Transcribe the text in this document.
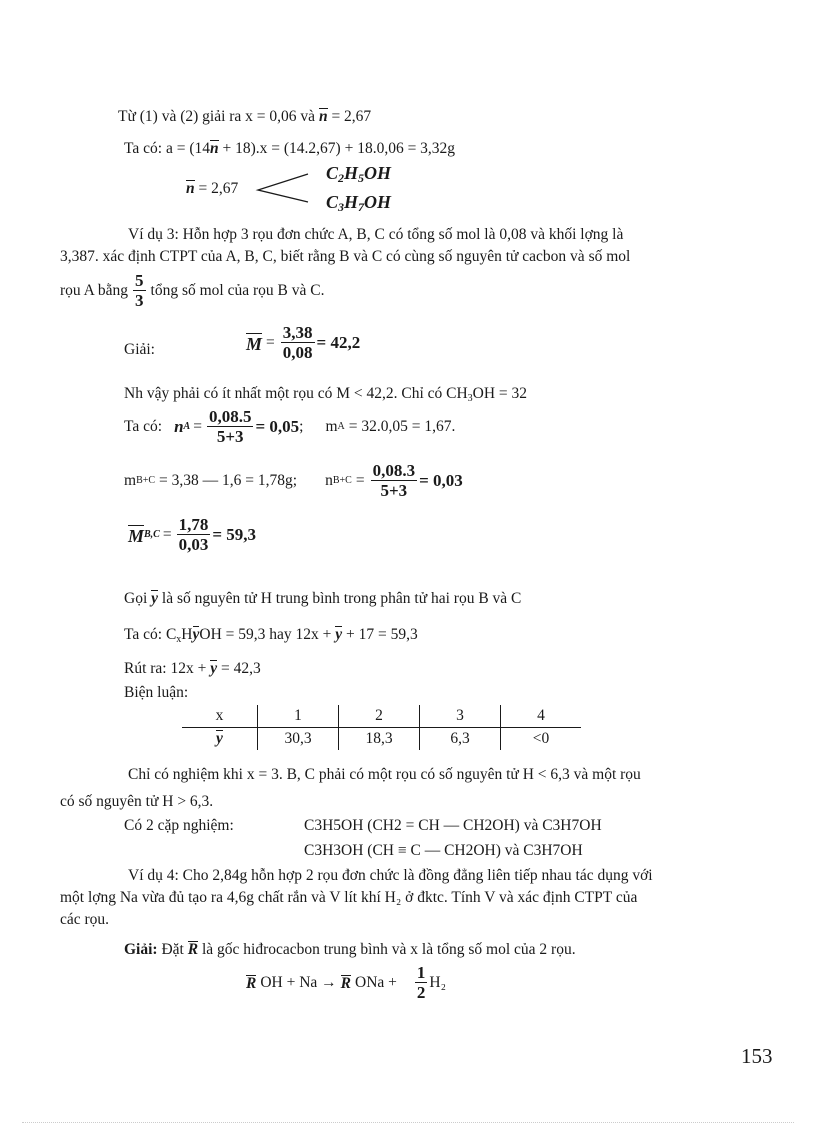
Từ (1) và (2) giải ra x = 0,06 và n = 2,67
Ta có: a = (14n + 18).x = (14.2,67) + 18.0,06 = 3,32g
n = 2,67
$C_2H_5OH$
$C_3H_7OH$
Ví dụ 3: Hỗn hợp 3 rọu đơn chức A, B, C có tổng số mol là 0,08 và khối lợng là
3,387. xác định CTPT của A, B, C, biết rằng B và C có cùng số nguyên tử cacbon và số mol
rọu A bằng $\frac{5}{3}$ tổng số mol của rọu B và C.
Giải:	$M = \frac{3,38}{0,08} = 42,2$
Nh vậy phải có ít nhất một rọu có M < 42,2. Chỉ có $CH_3OH = 32$
Ta có: n $A = \frac{0,08.5}{5+3} = 0,05$ ; m A = 32.0,05 = 1,67.
m B+C = 3,38 — 1,6 = 1,78g; n $B+C = \frac{0,08.3}{5+3} = 0,03$
M $B,C = \frac{1,78}{0,03} = 59,3$
Gọi y là số nguyên tử H trung bình trong phân tử hai rọu B và C
Ta có: $C_xHyOH = 59,3$ hay 12x + y + 17 = 59,3
Rút ra: 12x + y = 42,3
Biện luận:
x	1	2	3	4
y	30,3	18,3	6,3	<0
Chỉ có nghiệm khi x = 3. B, C phải có một rọu có số nguyên tử H < 6,3 và một rọu
có số nguyên tử H > 6,3.
Có 2 cặp nghiệm:	C3H5OH (CH2 = CH — CH2OH) và C3H7OH
C3H3OH (CH ≡ C — CH2OH) và C3H7OH
Ví dụ 4: Cho 2,84g hỗn hợp 2 rọu đơn chức là đồng đẳng liên tiếp nhau tác dụng với
một lợng Na vừa đủ tạo ra 4,6g chất rắn và V lít khí H₂ ở đktc. Tính V và xác định CTPT của
các rọu.
Giải: Đặt R là gốc hiđrocacbon trung bình và x là tổng số mol của 2 rọu.
R OH + Na → R ONa + $\frac{1}{2} H_2$
153
